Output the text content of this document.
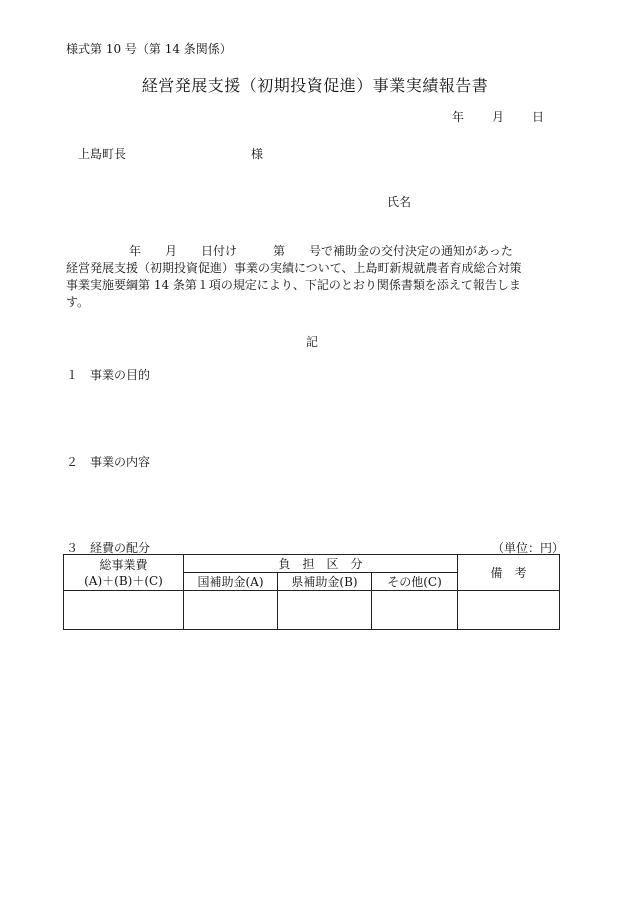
様式第 10 号（第 14 条関係）
経営発展支援（初期投資促進）事業実績報告書
年 月 日
上島町長	様
氏名

年　　月　　日付け　　　第　　号で補助金の交付決定の通知があった

経営発展支援（初期投資促進）事業の実績について、上島町新規就農者育成総合対策

事業実施要綱第 14 条第１項の規定により、下記のとおり関係書類を添えて報告しま

す。

記
１　事業の目的
２　事業の内容
３　経費の配分	（単位：円）
総事業費
(A)＋(B)＋(C)	負　担　区　分			備　考
	国補助金(A)	県補助金(B)	その他(C)	
